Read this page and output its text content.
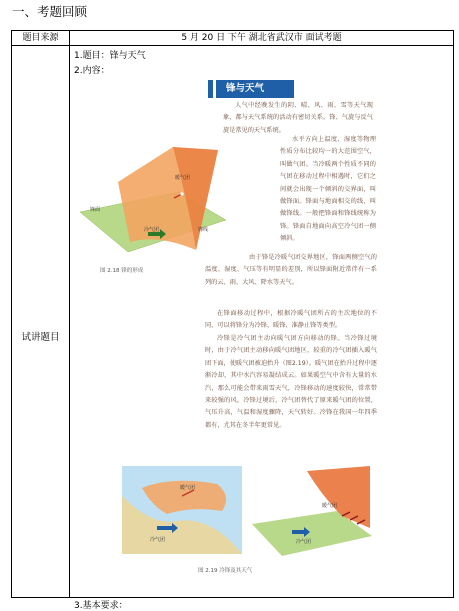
一、考题回顾
题目来源	5 月 20 日 下午 湖北省武汉市 面试考题
试讲题目
1.题目：锋与天气
2.内容：
3.基本要求：
锋与天气
人气中经晚发生的阴、晴、风、雨、雪等天气现象，都与天气系统的活动有密切关系。锋、气旋与反气旋是常见的天气系统。
暖气团
锋面
冷气团	锋线
图 2.18 锋的形成
水平方向上温度、湿度等物理性质分布比较均一的大范围空气，叫做气团。当冷暖两个性质不同的气团在移动过程中相遇时，它们之间就会出现一个倾斜的交界面，叫做锋面。锋面与地面相交的线，叫做锋线。一般把锋面和锋线统称为锋。锋面自地面向高空冷气团一侧倾斜。
由于锋是冷暖气团交界地区，锋面两侧空气的温度、湿度、气压等有明显的差别，所以锋面附近常伴有一系列的云、雨、大风、降水等天气。
在锋面移动过程中，根据冷暖气团所占的主次地位的不同，可以将锋分为冷锋、暖锋、准静止锋等类型。
冷锋是冷气团主动向暖气团方向移动的锋。当冷锋过境时，由于冷气团主动移向暖气团地区，较重的冷气团插入暖气团下面，使暖气团被迫抬升（图2.19）。暖气团在抬升过程中逐渐冷却，其中水汽容易凝结成云。如果暖空气中含有大量的水汽，那么可能会带来雨雪天气，冷锋移动的速度较快，常常带来较强的风。冷锋过境后，冷气团替代了原来暖气团的位置，气压升高，气温和湿度骤降，天气转好。冷锋在我国一年四季都有，尤其在冬半年更常见。
暖气团
冷气团
暖气团
冷气团
图 2.19 冷锋及其天气
